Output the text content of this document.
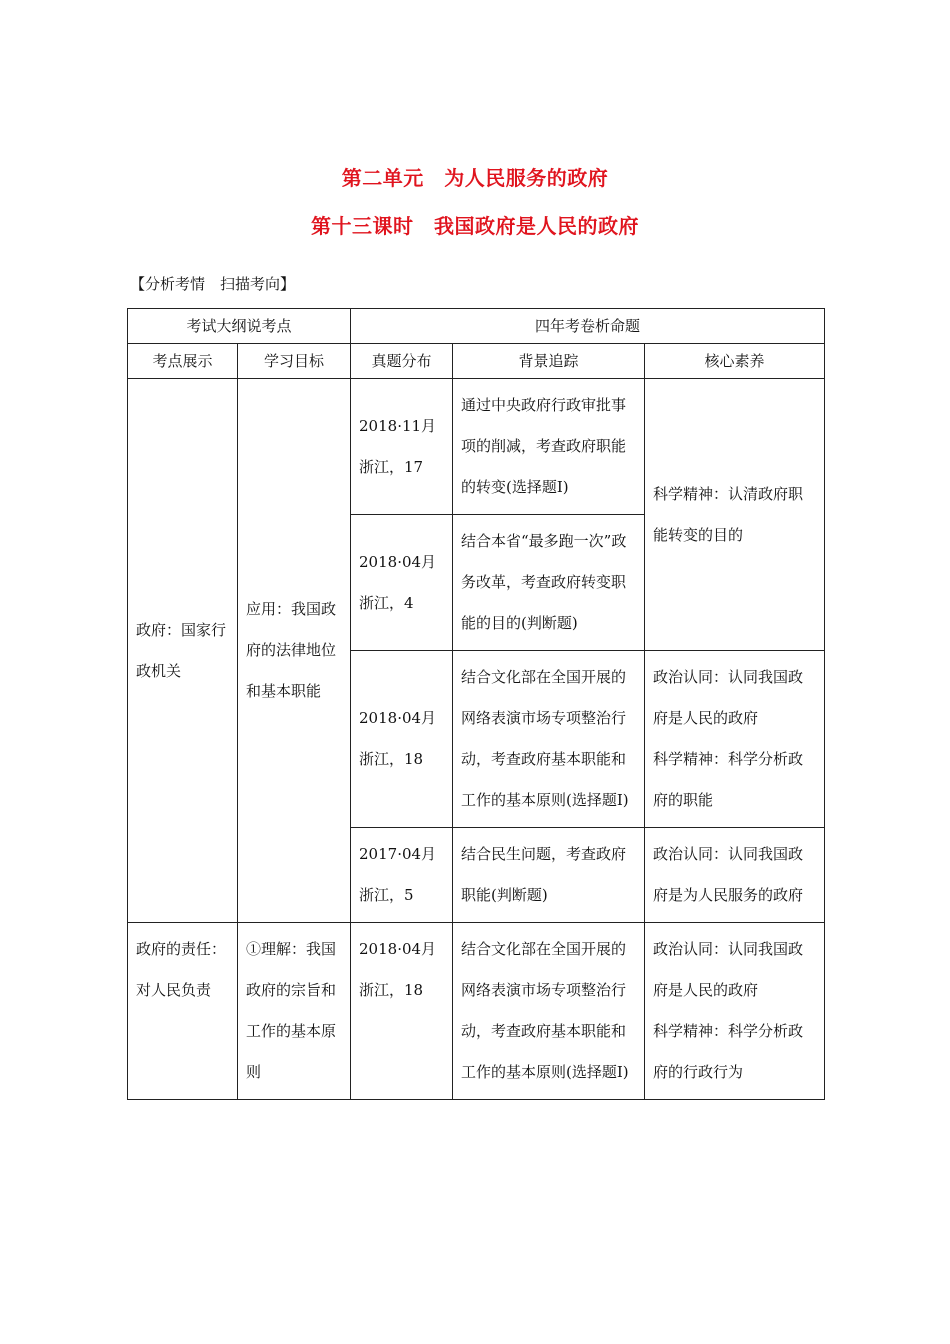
第二单元　为人民服务的政府
第十三课时　我国政府是人民的政府
【分析考情　扫描考向】
考试大纲说考点		四年考卷析命题		
考点展示	学习目标	真题分布	背景追踪	核心素养
政府：国家行政机关	应用：我国政府的法律地位和基本职能	2018·11月浙江，17	通过中央政府行政审批事项的削减，考查政府职能的转变(选择题Ⅰ)	科学精神：认清政府职能转变的目的
		2018·04月浙江，4	结合本省“最多跑一次”政务改革，考查政府转变职能的目的(判断题)	
		2018·04月浙江，18	结合文化部在全国开展的网络表演市场专项整治行动，考查政府基本职能和工作的基本原则(选择题Ⅰ)	政治认同：认同我国政府是人民的政府
科学精神：科学分析政府的职能

		2017·04月浙江，5	结合民生问题，考查政府职能(判断题)	政治认同：认同我国政府是为人民服务的政府
政府的责任：对人民负责	①理解：我国政府的宗旨和工作的基本原则	2018·04月浙江，18	结合文化部在全国开展的网络表演市场专项整治行动，考查政府基本职能和工作的基本原则(选择题Ⅰ)	政治认同：认同我国政府是人民的政府
科学精神：科学分析政府的行政行为
